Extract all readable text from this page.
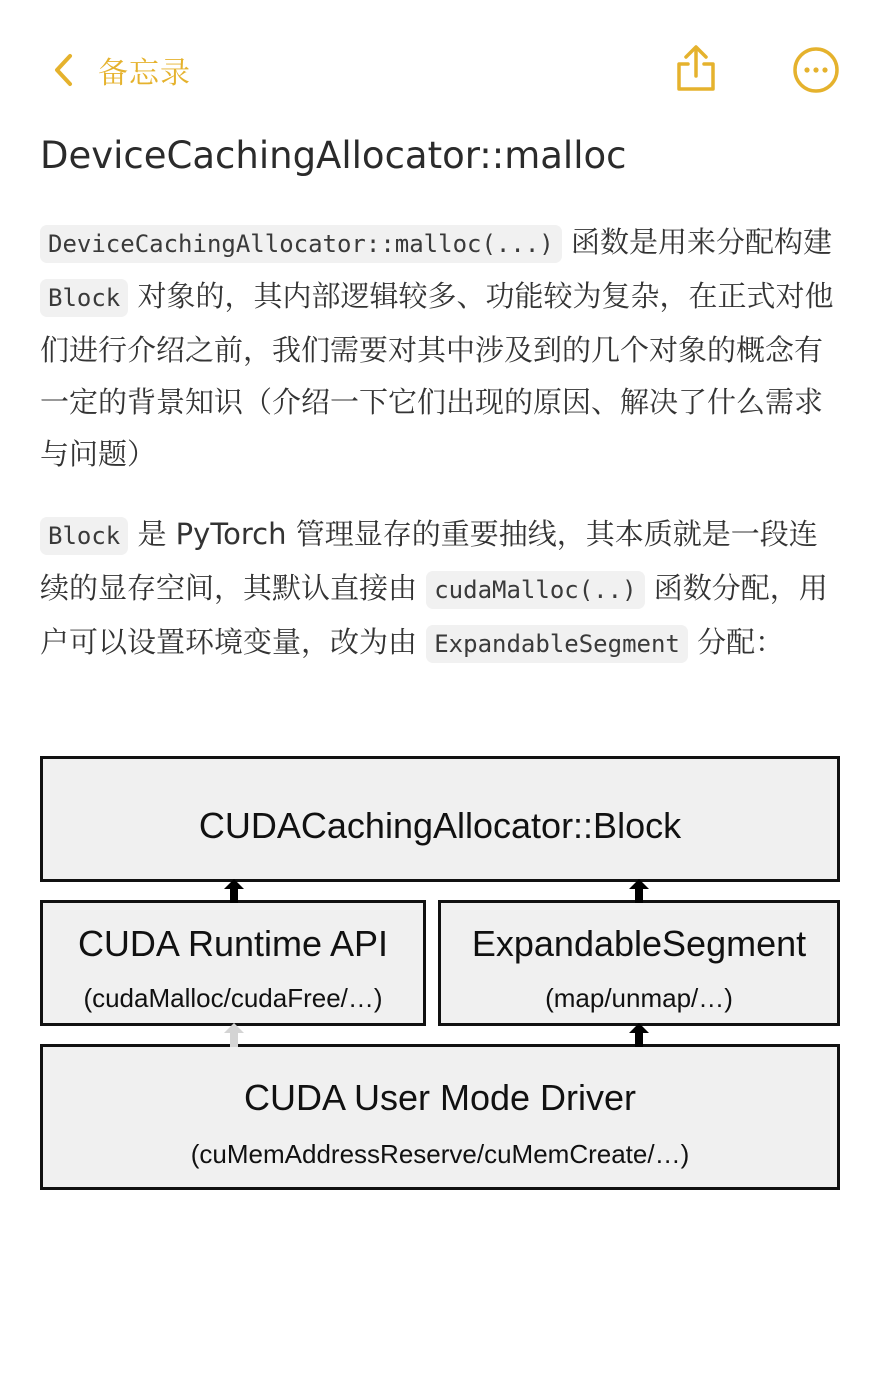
备忘录
DeviceCachingAllocator::malloc
DeviceCachingAllocator::malloc(...) 函数是用来分配构建 Block 对象的，其内部逻辑较多、功能较为复杂，在正式对他们进行介绍之前，我们需要对其中涉及到的几个对象的概念有一定的背景知识（介绍一下它们出现的原因、解决了什么需求与问题）
Block 是 PyTorch 管理显存的重要抽线，其本质就是一段连续的显存空间，其默认直接由 cudaMalloc(..) 函数分配，用户可以设置环境变量，改为由 ExpandableSegment 分配：
CUDACachingAllocator::Block
CUDA Runtime API
(cudaMalloc/cudaFree/…)
ExpandableSegment
(map/unmap/…)
CUDA User Mode Driver
(cuMemAddressReserve/cuMemCreate/…)
